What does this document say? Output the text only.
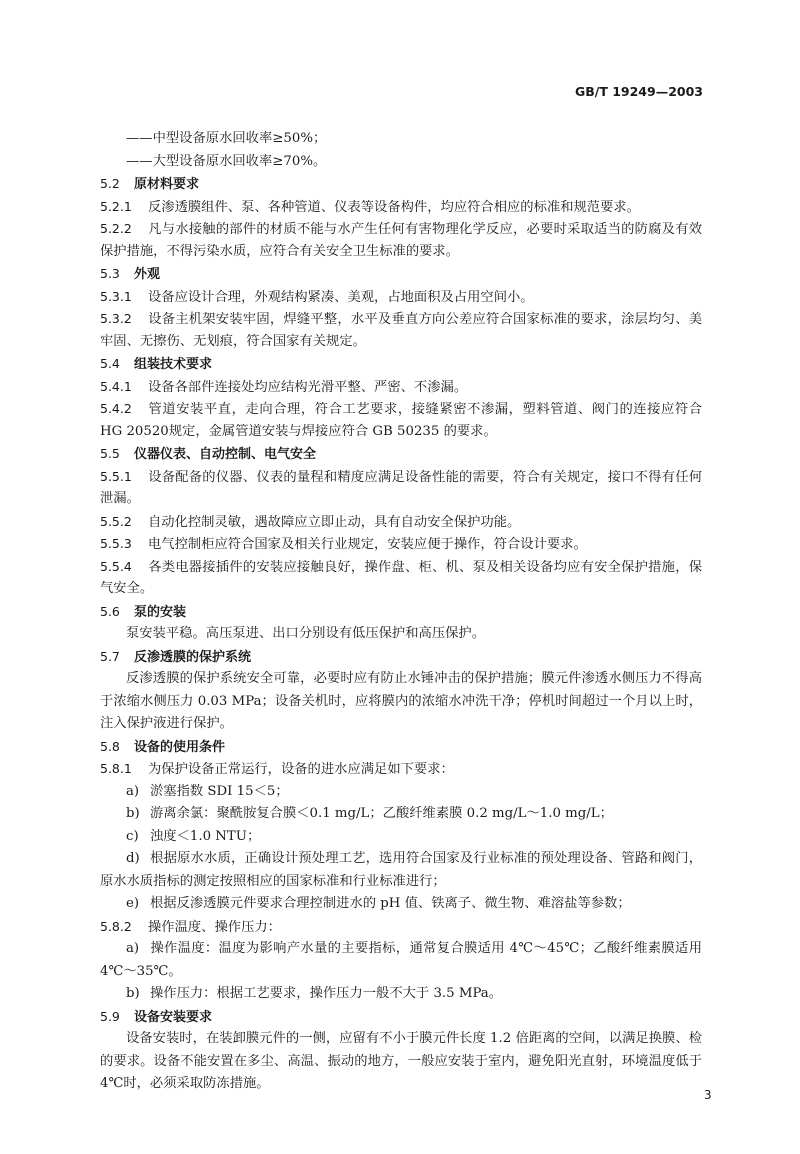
GB/T 19249—2003
——中型设备原水回收率≥50%；
——大型设备原水回收率≥70%。
5.2 原材料要求
5.2.1 反渗透膜组件、泵、各种管道、仪表等设备构件，均应符合相应的标准和规范要求。
5.2.2 凡与水接触的部件的材质不能与水产生任何有害物理化学反应，必要时采取适当的防腐及有效
保护措施，不得污染水质，应符合有关安全卫生标准的要求。
5.3 外观
5.3.1 设备应设计合理，外观结构紧凑、美观，占地面积及占用空间小。
5.3.2 设备主机架安装牢固，焊缝平整，水平及垂直方向公差应符合国家标准的要求，涂层均匀、美
牢固、无擦伤、无划痕，符合国家有关规定。
5.4 组装技术要求
5.4.1 设备各部件连接处均应结构光滑平整、严密、不渗漏。
5.4.2 管道安装平直，走向合理，符合工艺要求，接缝紧密不渗漏，塑料管道、阀门的连接应符合
HG 20520规定，金属管道安装与焊接应符合 GB 50235 的要求。
5.5 仪器仪表、自动控制、电气安全
5.5.1 设备配备的仪器、仪表的量程和精度应满足设备性能的需要，符合有关规定，接口不得有任何
泄漏。
5.5.2 自动化控制灵敏，遇故障应立即止动，具有自动安全保护功能。
5.5.3 电气控制柜应符合国家及相关行业规定，安装应便于操作，符合设计要求。
5.5.4 各类电器接插件的安装应接触良好，操作盘、柜、机、泵及相关设备均应有安全保护措施，保
气安全。
5.6 泵的安装
泵安装平稳。高压泵进、出口分别设有低压保护和高压保护。
5.7 反渗透膜的保护系统
反渗透膜的保护系统安全可靠，必要时应有防止水锤冲击的保护措施；膜元件渗透水侧压力不得高
于浓缩水侧压力 0.03 MPa；设备关机时，应将膜内的浓缩水冲洗干净；停机时间超过一个月以上时，
注入保护液进行保护。
5.8 设备的使用条件
5.8.1 为保护设备正常运行，设备的进水应满足如下要求：
a) 淤塞指数 SDI 15＜5；
b) 游离余氯：聚酰胺复合膜＜0.1 mg/L；乙酸纤维素膜 0.2 mg/L～1.0 mg/L；
c) 浊度＜1.0 NTU；
d) 根据原水水质，正确设计预处理工艺，选用符合国家及行业标准的预处理设备、管路和阀门，
原水水质指标的测定按照相应的国家标准和行业标准进行；
e) 根据反渗透膜元件要求合理控制进水的 pH 值、铁离子、微生物、难溶盐等参数；
5.8.2 操作温度、操作压力：
a) 操作温度：温度为影响产水量的主要指标，通常复合膜适用 4℃～45℃；乙酸纤维素膜适用
4℃～35℃。
b) 操作压力：根据工艺要求，操作压力一般不大于 3.5 MPa。
5.9 设备安装要求
设备安装时，在装卸膜元件的一侧，应留有不小于膜元件长度 1.2 倍距离的空间，以满足换膜、检
的要求。设备不能安置在多尘、高温、振动的地方，一般应安装于室内，避免阳光直射，环境温度低于
4℃时，必须采取防冻措施。
3
